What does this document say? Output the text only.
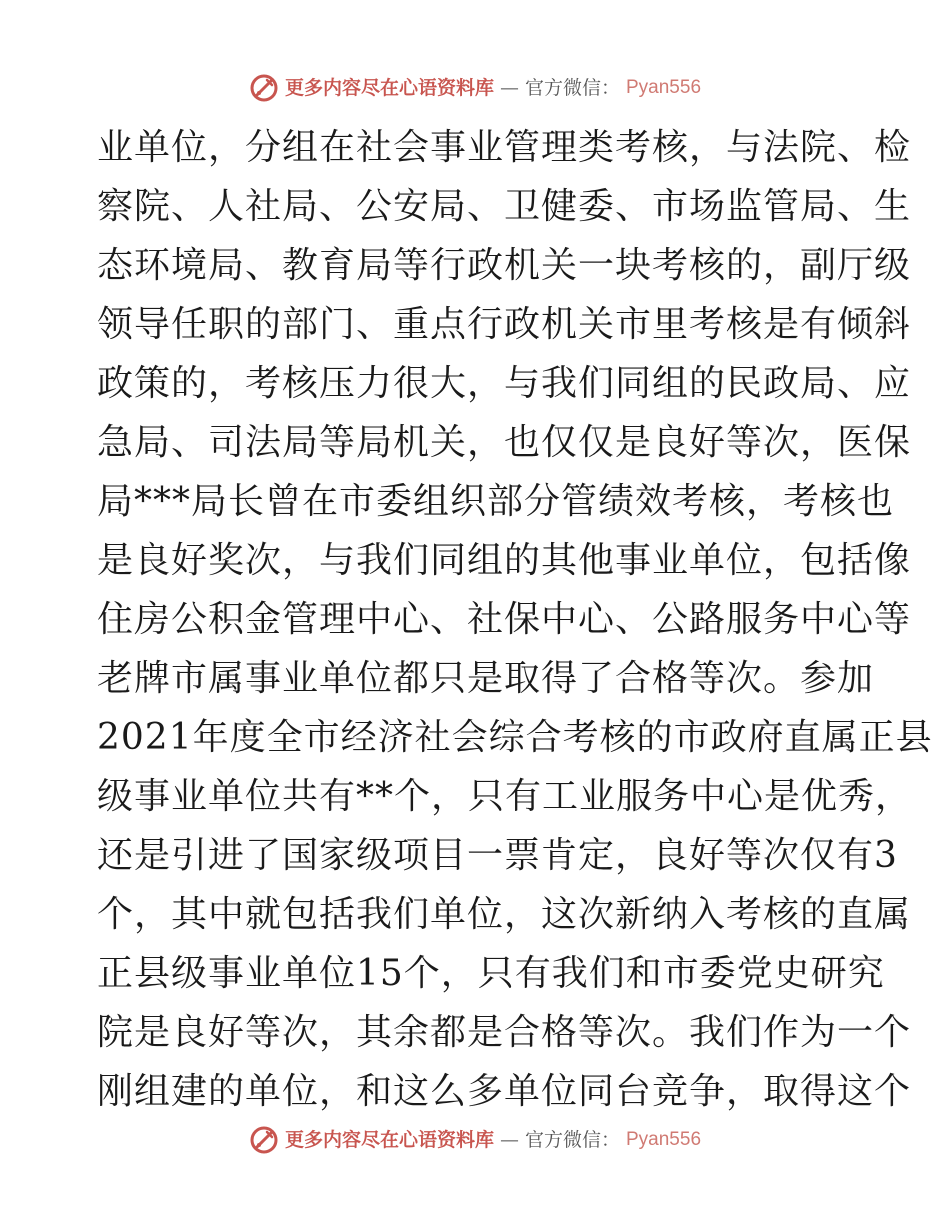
更多内容尽在心语资料库 — 官方微信： Pyan556
业单位，分组在社会事业管理类考核，与法院、检
察院、人社局、公安局、卫健委、市场监管局、生
态环境局、教育局等行政机关一块考核的，副厅级
领导任职的部门、重点行政机关市里考核是有倾斜
政策的，考核压力很大，与我们同组的民政局、应
急局、司法局等局机关，也仅仅是良好等次，医保
局***局长曾在市委组织部分管绩效考核，考核也
是良好奖次，与我们同组的其他事业单位，包括像
住房公积金管理中心、社保中心、公路服务中心等
老牌市属事业单位都只是取得了合格等次。参加
2021年度全市经济社会综合考核的市政府直属正县
级事业单位共有**个，只有工业服务中心是优秀，
还是引进了国家级项目一票肯定，良好等次仅有3
个，其中就包括我们单位，这次新纳入考核的直属
正县级事业单位15个，只有我们和市委党史研究
院是良好等次，其余都是合格等次。我们作为一个
刚组建的单位，和这么多单位同台竞争，取得这个
更多内容尽在心语资料库 — 官方微信： Pyan556
